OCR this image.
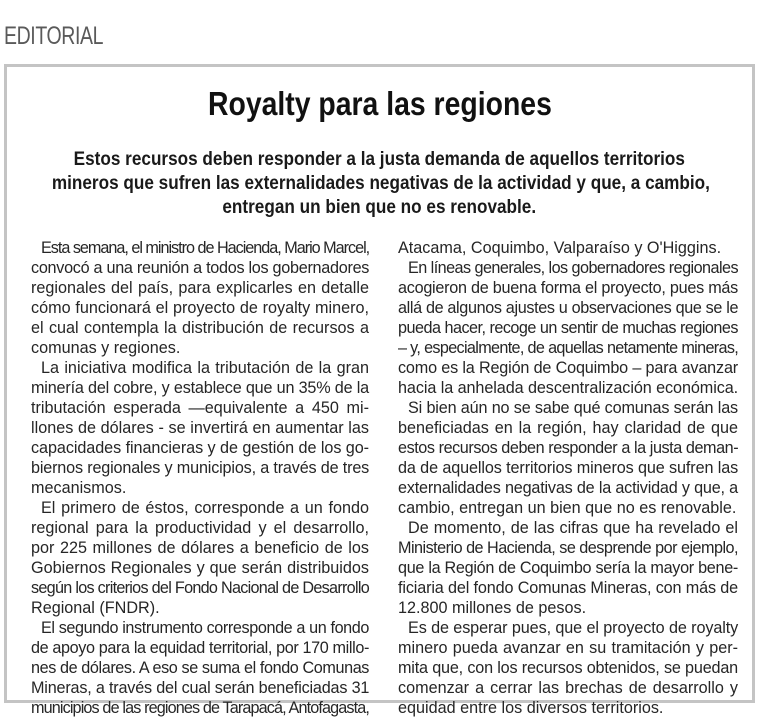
EDITORIAL
Royalty para las regiones
Estos recursos deben responder a la justa demanda de aquellos territorios
mineros que sufren las externalidades negativas de la actividad y que, a cambio,
entregan un bien que no es renovable.
Esta semana, el ministro de Hacienda, Mario Marcel,
convocó a una reunión a todos los gobernadores
regionales del país, para explicarles en detalle
cómo funcionará el proyecto de royalty minero,
el cual contempla la distribución de recursos a
comunas y regiones.
La iniciativa modifica la tributación de la gran
minería del cobre, y establece que un 35% de la
tributación esperada —equivalente a 450 mi-
llones de dólares - se invertirá en aumentar las
capacidades financieras y de gestión de los go-
biernos regionales y municipios, a través de tres
mecanismos.
El primero de éstos, corresponde a un fondo
regional para la productividad y el desarrollo,
por 225 millones de dólares a beneficio de los
Gobiernos Regionales y que serán distribuidos
según los criterios del Fondo Nacional de Desarrollo
Regional (FNDR).
El segundo instrumento corresponde a un fondo
de apoyo para la equidad territorial, por 170 millo-
nes de dólares. A eso se suma el fondo Comunas
Mineras, a través del cual serán beneficiadas 31
municipios de las regiones de Tarapacá, Antofagasta,
Atacama, Coquimbo, Valparaíso y O'Higgins.
En líneas generales, los gobernadores regionales
acogieron de buena forma el proyecto, pues más
allá de algunos ajustes u observaciones que se le
pueda hacer, recoge un sentir de muchas regiones
– y, especialmente, de aquellas netamente mineras,
como es la Región de Coquimbo – para avanzar
hacia la anhelada descentralización económica.
Si bien aún no se sabe qué comunas serán las
beneficiadas en la región, hay claridad de que
estos recursos deben responder a la justa deman-
da de aquellos territorios mineros que sufren las
externalidades negativas de la actividad y que, a
cambio, entregan un bien que no es renovable.
De momento, de las cifras que ha revelado el
Ministerio de Hacienda, se desprende por ejemplo,
que la Región de Coquimbo sería la mayor bene-
ficiaria del fondo Comunas Mineras, con más de
12.800 millones de pesos.
Es de esperar pues, que el proyecto de royalty
minero pueda avanzar en su tramitación y per-
mita que, con los recursos obtenidos, se puedan
comenzar a cerrar las brechas de desarrollo y
equidad entre los diversos territorios.
